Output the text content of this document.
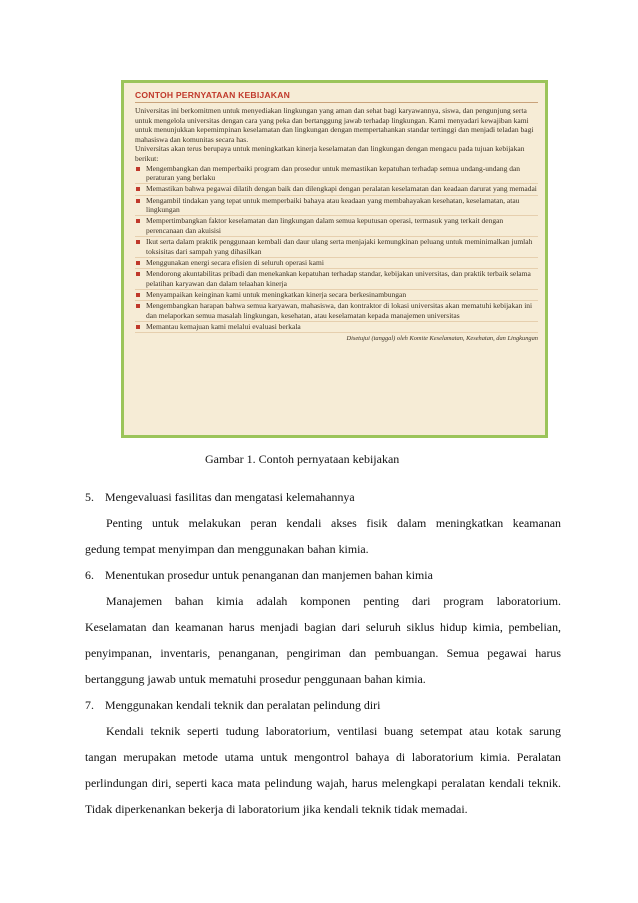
CONTOH PERNYATAAN KEBIJAKAN

Universitas ini berkomitmen untuk menyediakan lingkungan yang aman dan sehat bagi karyawannya, siswa, dan pengunjung serta untuk mengelola universitas dengan cara yang peka dan bertanggung jawab terhadap lingkungan. Kami menyadari kewajiban kami untuk menunjukkan kepemimpinan keselamatan dan lingkungan dengan mempertahankan standar tertinggi dan menjadi teladan bagi mahasiswa dan komunitas secara has.

Universitas akan terus berupaya untuk meningkatkan kinerja keselamatan dan lingkungan dengan mengacu pada tujuan kebijakan berikut:

Mengembangkan dan memperbaiki program dan prosedur untuk memastikan kepatuhan terhadap semua undang-undang dan peraturan yang berlaku
Memastikan bahwa pegawai dilatih dengan baik dan dilengkapi dengan peralatan keselamatan dan keadaan darurat yang memadai
Mengambil tindakan yang tepat untuk memperbaiki bahaya atau keadaan yang membahayakan kesehatan, keselamatan, atau lingkungan
Mempertimbangkan faktor keselamatan dan lingkungan dalam semua keputusan operasi, termasuk yang terkait dengan perencanaan dan akuisisi
Ikut serta dalam praktik penggunaan kembali dan daur ulang serta menjajaki kemungkinan peluang untuk meminimalkan jumlah toksisitas dari sampah yang dihasilkan
Menggunakan energi secara efisien di seluruh operasi kami
Mendorong akuntabilitas pribadi dan menekankan kepatuhan terhadap standar, kebijakan universitas, dan praktik terbaik selama pelatihan karyawan dan dalam telaahan kinerja
Menyampaikan keinginan kami untuk meningkatkan kinerja secara berkesinambungan
Mengembangkan harapan bahwa semua karyawan, mahasiswa, dan kontraktor di lokasi universitas akan mematuhi kebijakan ini dan melaporkan semua masalah lingkungan, kesehatan, atau keselamatan kepada manajemen universitas
Memantau kemajuan kami melalui evaluasi berkala
Disetujui (tanggal) oleh Komite Keselamatan, Kesehatan, dan Lingkungan
Gambar 1. Contoh pernyataan kebijakan

5. Mengevaluasi fasilitas dan mengatasi kelemahannya

Penting untuk melakukan peran kendali akses fisik dalam meningkatkan keamanan

gedung tempat menyimpan dan menggunakan bahan kimia.

6. Menentukan prosedur untuk penanganan dan manjemen bahan kimia

Manajemen bahan kimia adalah komponen penting dari program laboratorium.

Keselamatan dan keamanan harus menjadi bagian dari seluruh siklus hidup kimia, pembelian, penyimpanan, inventaris, penanganan, pengiriman dan pembuangan. Semua pegawai harus bertanggung jawab untuk mematuhi prosedur penggunaan bahan kimia.

7. Menggunakan kendali teknik dan peralatan pelindung diri

Kendali teknik seperti tudung laboratorium, ventilasi buang setempat atau kotak sarung

tangan merupakan metode utama untuk mengontrol bahaya di laboratorium kimia. Peralatan perlindungan diri, seperti kaca mata pelindung wajah, harus melengkapi peralatan kendali teknik. Tidak diperkenankan bekerja di laboratorium jika kendali teknik tidak memadai.
